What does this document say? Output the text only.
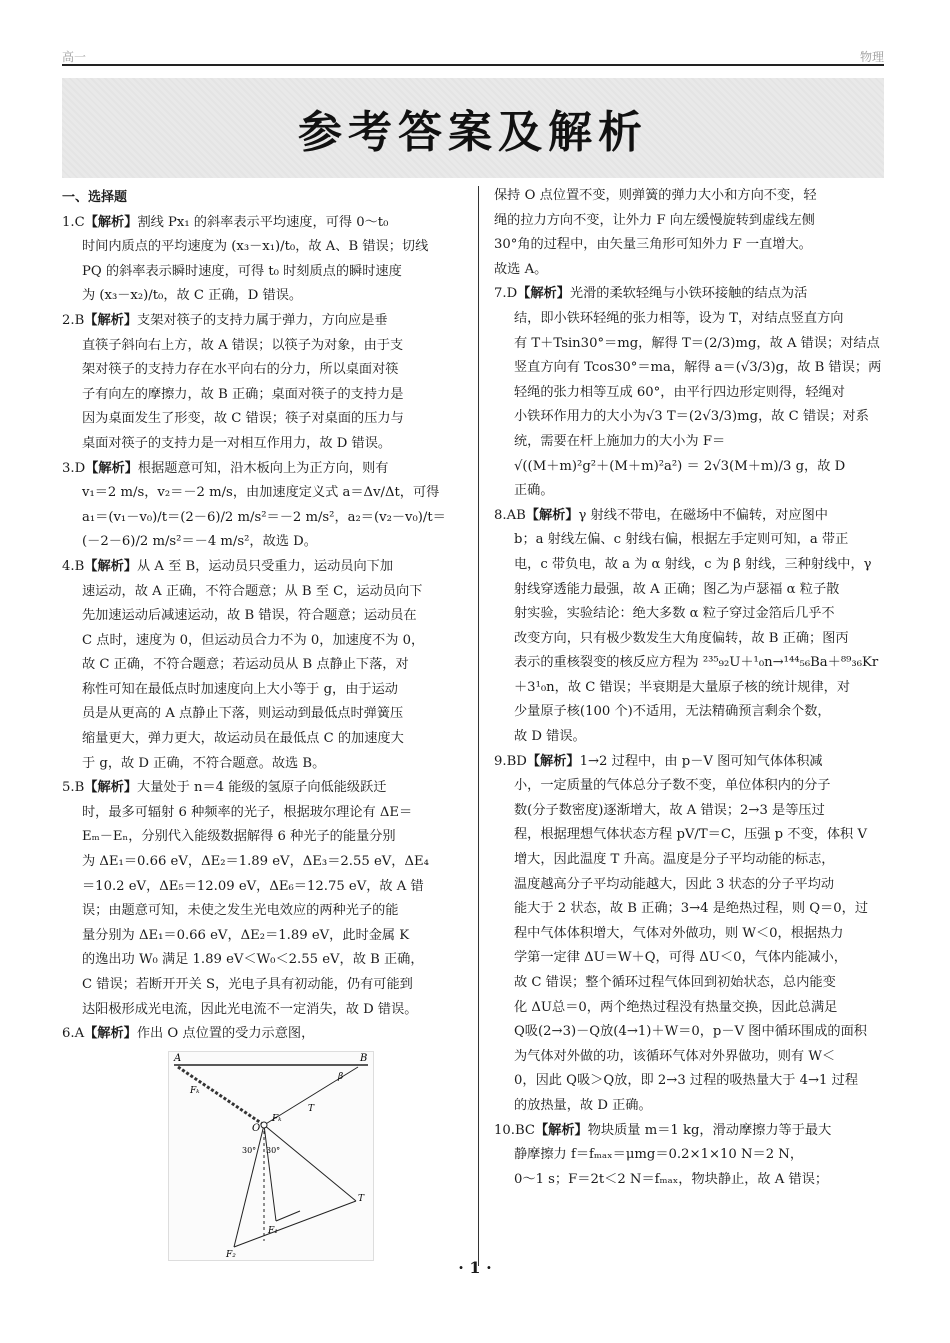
高一	物理
参考答案及解析
一、选择题

1.C【解析】割线 Px₁ 的斜率表示平均速度，可得 0～t₀

时间内质点的平均速度为 (x₃－x₁)/t₀，故 A、B 错误；切线

PQ 的斜率表示瞬时速度，可得 t₀ 时刻质点的瞬时速度

为 (x₃－x₂)/t₀，故 C 正确，D 错误。

2.B【解析】支架对筷子的支持力属于弹力，方向应是垂

直筷子斜向右上方，故 A 错误；以筷子为对象，由于支

架对筷子的支持力存在水平向右的分力，所以桌面对筷

子有向左的摩擦力，故 B 正确；桌面对筷子的支持力是

因为桌面发生了形变，故 C 错误；筷子对桌面的压力与

桌面对筷子的支持力是一对相互作用力，故 D 错误。

3.D【解析】根据题意可知，沿木板向上为正方向，则有

v₁＝2 m/s，v₂＝－2 m/s，由加速度定义式 a＝Δv/Δt，可得

a₁＝(v₁－v₀)/t＝(2－6)/2 m/s²＝－2 m/s²，a₂＝(v₂－v₀)/t＝

(－2－6)/2 m/s²＝－4 m/s²，故选 D。

4.B【解析】从 A 至 B，运动员只受重力，运动员向下加

速运动，故 A 正确，不符合题意；从 B 至 C，运动员向下

先加速运动后减速运动，故 B 错误，符合题意；运动员在

C 点时，速度为 0，但运动员合力不为 0，加速度不为 0，

故 C 正确，不符合题意；若运动员从 B 点静止下落，对

称性可知在最低点时加速度向上大小等于 g，由于运动

员是从更高的 A 点静止下落，则运动到最低点时弹簧压

缩量更大，弹力更大，故运动员在最低点 C 的加速度大

于 g，故 D 正确，不符合题意。故选 B。

5.B【解析】大量处于 n＝4 能级的氢原子向低能级跃迁

时，最多可辐射 6 种频率的光子，根据玻尔理论有 ΔE＝

Eₘ－Eₙ，分别代入能级数据解得 6 种光子的能量分别

为 ΔE₁＝0.66 eV，ΔE₂＝1.89 eV，ΔE₃＝2.55 eV，ΔE₄

＝10.2 eV，ΔE₅＝12.09 eV，ΔE₆＝12.75 eV，故 A 错

误；由题意可知，未使之发生光电效应的两种光子的能

量分别为 ΔE₁＝0.66 eV，ΔE₂＝1.89 eV，此时金属 K

的逸出功 W₀ 满足 1.89 eV＜W₀＜2.55 eV，故 B 正确，

C 错误；若断开开关 S，光电子具有初动能，仍有可能到

达阳极形成光电流，因此光电流不一定消失，故 D 错误。

6.A【解析】作出 O 点位置的受力示意图，

A	B
β
O
Fₖ
Fₖ
T
T
30° 30°
F₁
F₂

保持 O 点位置不变，则弹簧的弹力大小和方向不变，轻

绳的拉力方向不变，让外力 F 向左缓慢旋转到虚线左侧

30°角的过程中，由矢量三角形可知外力 F 一直增大。

故选 A。

7.D【解析】光滑的柔软轻绳与小铁环接触的结点为活

结，即小铁环轻绳的张力相等，设为 T，对结点竖直方向

有 T＋Tsin30°＝mg，解得 T＝(2/3)mg，故 A 错误；对结点

竖直方向有 Tcos30°＝ma，解得 a＝(√3/3)g，故 B 错误；两

轻绳的张力相等互成 60°，由平行四边形定则得，轻绳对

小铁环作用力的大小为√3 T＝(2√3/3)mg，故 C 错误；对系

统，需要在杆上施加力的大小为 F＝

√((M＋m)²g²＋(M＋m)²a²) ＝ 2√3(M＋m)/3 g，故 D

正确。

8.AB【解析】γ 射线不带电，在磁场中不偏转，对应图中

b；a 射线左偏、c 射线右偏，根据左手定则可知，a 带正

电，c 带负电，故 a 为 α 射线，c 为 β 射线，三种射线中，γ

射线穿透能力最强，故 A 正确；图乙为卢瑟福 α 粒子散

射实验，实验结论：绝大多数 α 粒子穿过金箔后几乎不

改变方向，只有极少数发生大角度偏转，故 B 正确；图丙

表示的重核裂变的核反应方程为 ²³⁵₉₂U＋¹₀n→¹⁴⁴₅₆Ba＋⁸⁹₃₆Kr

＋3¹₀n，故 C 错误；半衰期是大量原子核的统计规律，对

少量原子核(100 个)不适用，无法精确预言剩余个数，

故 D 错误。

9.BD【解析】1→2 过程中，由 p－V 图可知气体体积减

小，一定质量的气体总分子数不变，单位体积内的分子

数(分子数密度)逐渐增大，故 A 错误；2→3 是等压过

程，根据理想气体状态方程 pV/T＝C，压强 p 不变，体积 V

增大，因此温度 T 升高。温度是分子平均动能的标志，

温度越高分子平均动能越大，因此 3 状态的分子平均动

能大于 2 状态，故 B 正确；3→4 是绝热过程，则 Q＝0，过

程中气体体积增大，气体对外做功，则 W＜0，根据热力

学第一定律 ΔU＝W＋Q，可得 ΔU＜0，气体内能减小，

故 C 错误；整个循环过程气体回到初始状态，总内能变

化 ΔU总＝0，两个绝热过程没有热量交换，因此总满足

Q吸(2→3)－Q放(4→1)＋W＝0，p－V 图中循环围成的面积

为气体对外做的功，该循环气体对外界做功，则有 W＜

0，因此 Q吸＞Q放，即 2→3 过程的吸热量大于 4→1 过程

的放热量，故 D 正确。

10.BC【解析】物块质量 m＝1 kg，滑动摩擦力等于最大

静摩擦力 f＝fₘₐₓ＝μmg＝0.2×1×10 N＝2 N，

0～1 s；F＝2t＜2 N＝fₘₐₓ，物块静止，故 A 错误；

· 1 ·
